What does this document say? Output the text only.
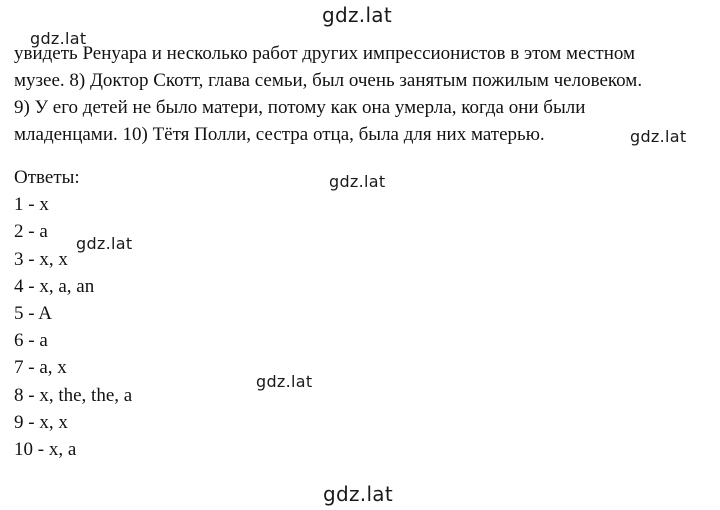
gdz.lat
gdz.lat
gdz.lat
gdz.lat
gdz.lat
gdz.lat
gdz.lat
увидеть Ренуара и несколько работ других импрессионистов в этом местном
музее. 8) Доктор Скотт, глава семьи, был очень занятым пожилым человеком.
9) У его детей не было матери, потому как она умерла, когда они были
младенцами. 10) Тётя Полли, сестра отца, была для них матерью.
Ответы:
1 - x
2 - a
3 - x, x
4 - x, a, an
5 - A
6 - a
7 - a, x
8 - x, the, the, a
9 - x, x
10 - x, a
